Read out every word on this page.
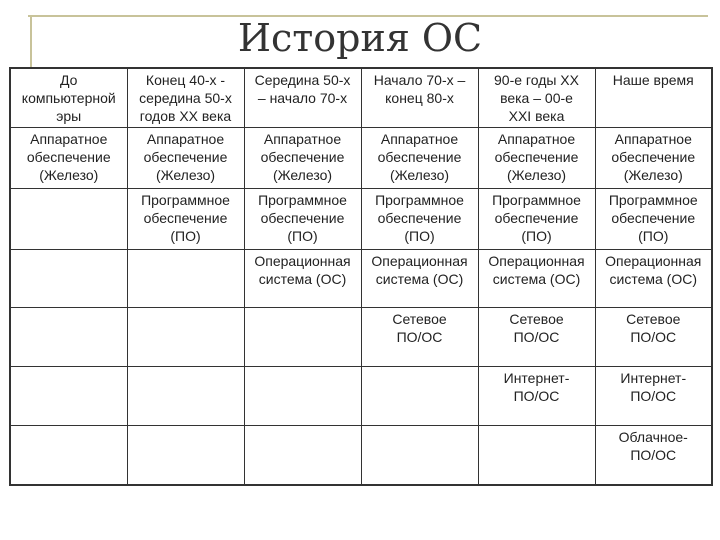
История ОС
До
компьютерной
эры	Конец 40-х -
середина 50-х
годов ХХ века	Середина 50-х
– начало 70-х	Начало 70-х –
конец 80-х	90-е годы ХХ
века – 00-е
XXI века	Наше время
Аппаратное
обеспечение
(Железо)	Аппаратное
обеспечение
(Железо)	Аппаратное
обеспечение
(Железо)	Аппаратное
обеспечение
(Железо)	Аппаратное
обеспечение
(Железо)	Аппаратное
обеспечение
(Железо)
	Программное
обеспечение
(ПО)	Программное
обеспечение
(ПО)	Программное
обеспечение
(ПО)	Программное
обеспечение
(ПО)	Программное
обеспечение
(ПО)
		Операционная
система (ОС)	Операционная
система (ОС)	Операционная
система (ОС)	Операционная
система (ОС)
			Сетевое
ПО/ОС	Сетевое
ПО/ОС	Сетевое
ПО/ОС
				Интернет-
ПО/ОС	Интернет-
ПО/ОС
					Облачное-
ПО/ОС
